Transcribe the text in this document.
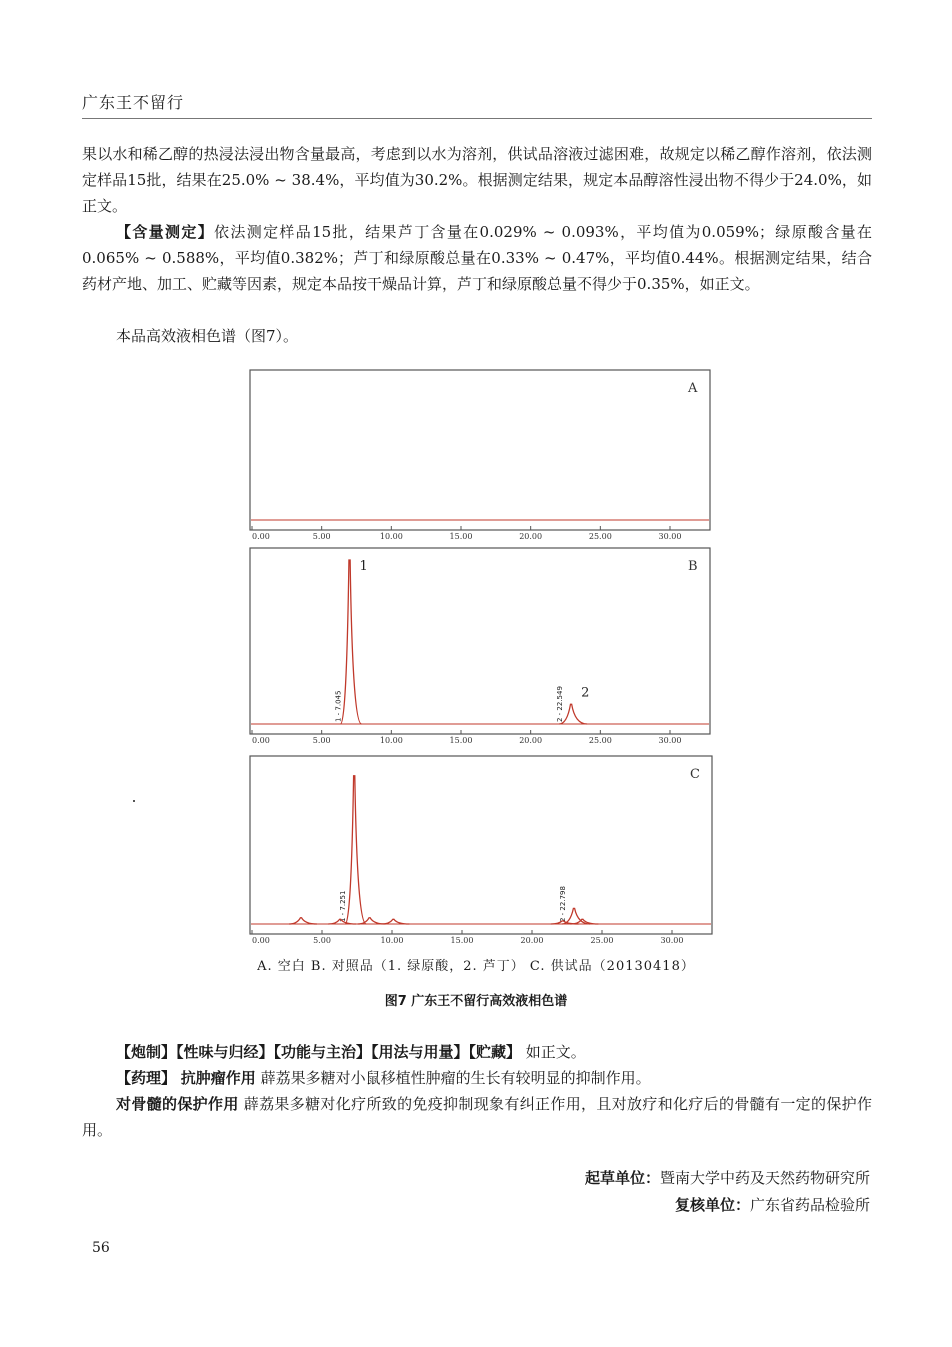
广东王不留行
果以水和稀乙醇的热浸法浸出物含量最高，考虑到以水为溶剂，供试品溶液过滤困难，故规定以稀乙醇作溶剂，依法测定样品15批，结果在25.0% ~ 38.4%，平均值为30.2%。根据测定结果，规定本品醇溶性浸出物不得少于24.0%，如正文。
【含量测定】依法测定样品15批，结果芦丁含量在0.029% ~ 0.093%，平均值为0.059%；绿原酸含量在0.065% ~ 0.588%，平均值0.382%；芦丁和绿原酸总量在0.33% ~ 0.47%，平均值0.44%。根据测定结果，结合药材产地、加工、贮藏等因素，规定本品按干燥品计算，芦丁和绿原酸总量不得少于0.35%，如正文。
本品高效液相色谱（图7）。
0.00	5.00	10.00	15.00	20.00	25.00	30.00
A
0.00	5.00	10.00	15.00	20.00	25.00	30.00
B
1 - 7.045
1
2 - 22.549 2
0.00	5.00	10.00	15.00	20.00	25.00	30.00
C
1 - 7.251	2 - 22.798
A. 空白 B. 对照品（1. 绿原酸，2. 芦丁） C. 供试品（20130418）
图7 广东王不留行高效液相色谱
【炮制】【性味与归经】【功能与主治】【用法与用量】【贮藏】 如正文。
【药理】 抗肿瘤作用 薜荔果多糖对小鼠移植性肿瘤的生长有较明显的抑制作用。
对骨髓的保护作用 薜荔果多糖对化疗所致的免疫抑制现象有纠正作用，且对放疗和化疗后的骨髓有一定的保护作用。
起草单位：暨南大学中药及天然药物研究所
复核单位：广东省药品检验所
56
